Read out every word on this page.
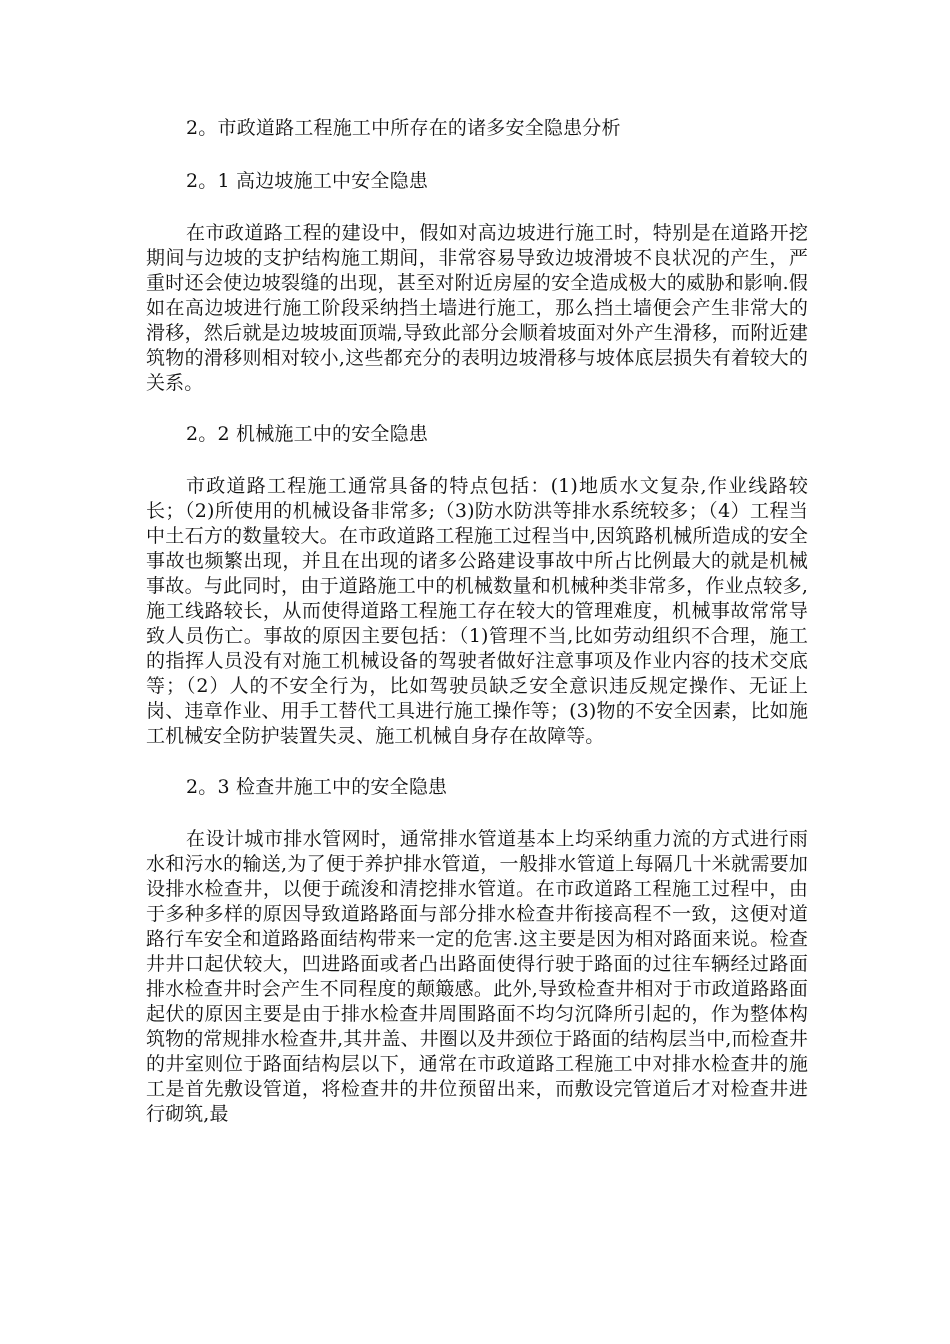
2。市政道路工程施工中所存在的诸多安全隐患分析

2。1 高边坡施工中安全隐患

在市政道路工程的建设中，假如对高边坡进行施工时，特别是在道路开挖期间与边坡的支护结构施工期间，非常容易导致边坡滑坡不良状况的产生，严重时还会使边坡裂缝的出现，甚至对附近房屋的安全造成极大的威胁和影响.假如在高边坡进行施工阶段采纳挡土墙进行施工，那么挡土墙便会产生非常大的滑移，然后就是边坡坡面顶端,导致此部分会顺着坡面对外产生滑移，而附近建筑物的滑移则相对较小,这些都充分的表明边坡滑移与坡体底层损失有着较大的关系。

2。2 机械施工中的安全隐患

市政道路工程施工通常具备的特点包括：(1)地质水文复杂,作业线路较长；（2)所使用的机械设备非常多;（3)防水防洪等排水系统较多；（4）工程当中土石方的数量较大。在市政道路工程施工过程当中,因筑路机械所造成的安全事故也频繁出现，并且在出现的诸多公路建设事故中所占比例最大的就是机械事故。与此同时，由于道路施工中的机械数量和机械种类非常多，作业点较多,施工线路较长，从而使得道路工程施工存在较大的管理难度，机械事故常常导致人员伤亡。事故的原因主要包括：（1)管理不当,比如劳动组织不合理，施工的指挥人员没有对施工机械设备的驾驶者做好注意事项及作业内容的技术交底等；（2）人的不安全行为，比如驾驶员缺乏安全意识违反规定操作、无证上岗、违章作业、用手工替代工具进行施工操作等；(3)物的不安全因素，比如施工机械安全防护装置失灵、施工机械自身存在故障等。

2。3 检查井施工中的安全隐患

在设计城市排水管网时，通常排水管道基本上均采纳重力流的方式进行雨水和污水的输送,为了便于养护排水管道，一般排水管道上每隔几十米就需要加设排水检查井，以便于疏浚和清挖排水管道。在市政道路工程施工过程中，由于多种多样的原因导致道路路面与部分排水检查井衔接高程不一致，这便对道路行车安全和道路路面结构带来一定的危害.这主要是因为相对路面来说。检查井井口起伏较大，凹进路面或者凸出路面使得行驶于路面的过往车辆经过路面排水检查井时会产生不同程度的颠簸感。此外,导致检查井相对于市政道路路面起伏的原因主要是由于排水检查井周围路面不均匀沉降所引起的，作为整体构筑物的常规排水检查井,其井盖、井圈以及井颈位于路面的结构层当中,而检查井的井室则位于路面结构层以下，通常在市政道路工程施工中对排水检查井的施工是首先敷设管道，将检查井的井位预留出来，而敷设完管道后才对检查井进行砌筑,最
